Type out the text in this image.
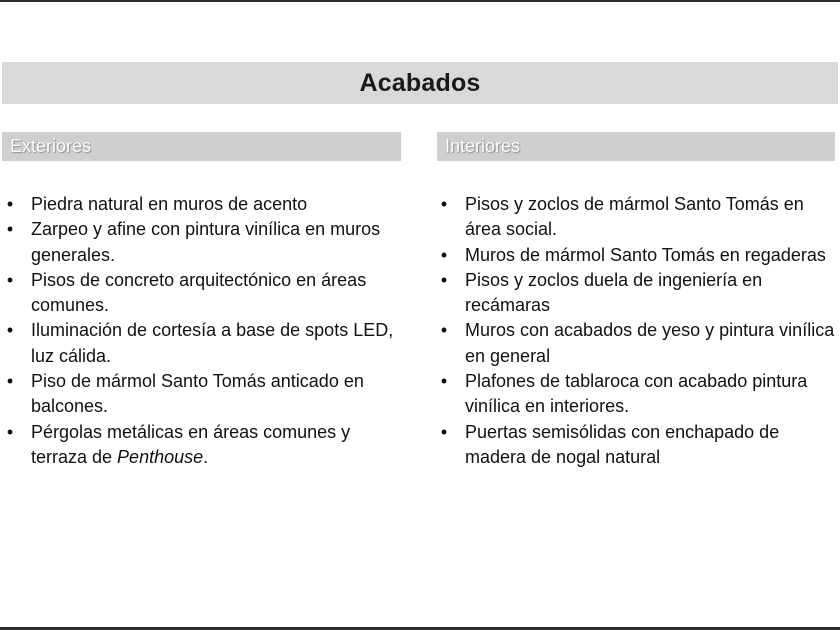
Acabados
Exteriores	Interiores
• Piedra natural en muros de acento
• Zarpeo y afine con pintura vinílica en muros generales.
• Pisos de concreto arquitectónico en áreas comunes.
• Iluminación de cortesía a base de spots LED, luz cálida.
• Piso de mármol Santo Tomás anticado en balcones.
• Pérgolas metálicas en áreas comunes y terraza de Penthouse.
• Pisos y zoclos de mármol Santo Tomás en área social.
• Muros de mármol Santo Tomás en regaderas
• Pisos y zoclos duela de ingeniería en recámaras
• Muros con acabados de yeso y pintura vinílica en general
• Plafones de tablaroca con acabado pintura vinílica en interiores.
• Puertas semisólidas con enchapado de madera de nogal natural
